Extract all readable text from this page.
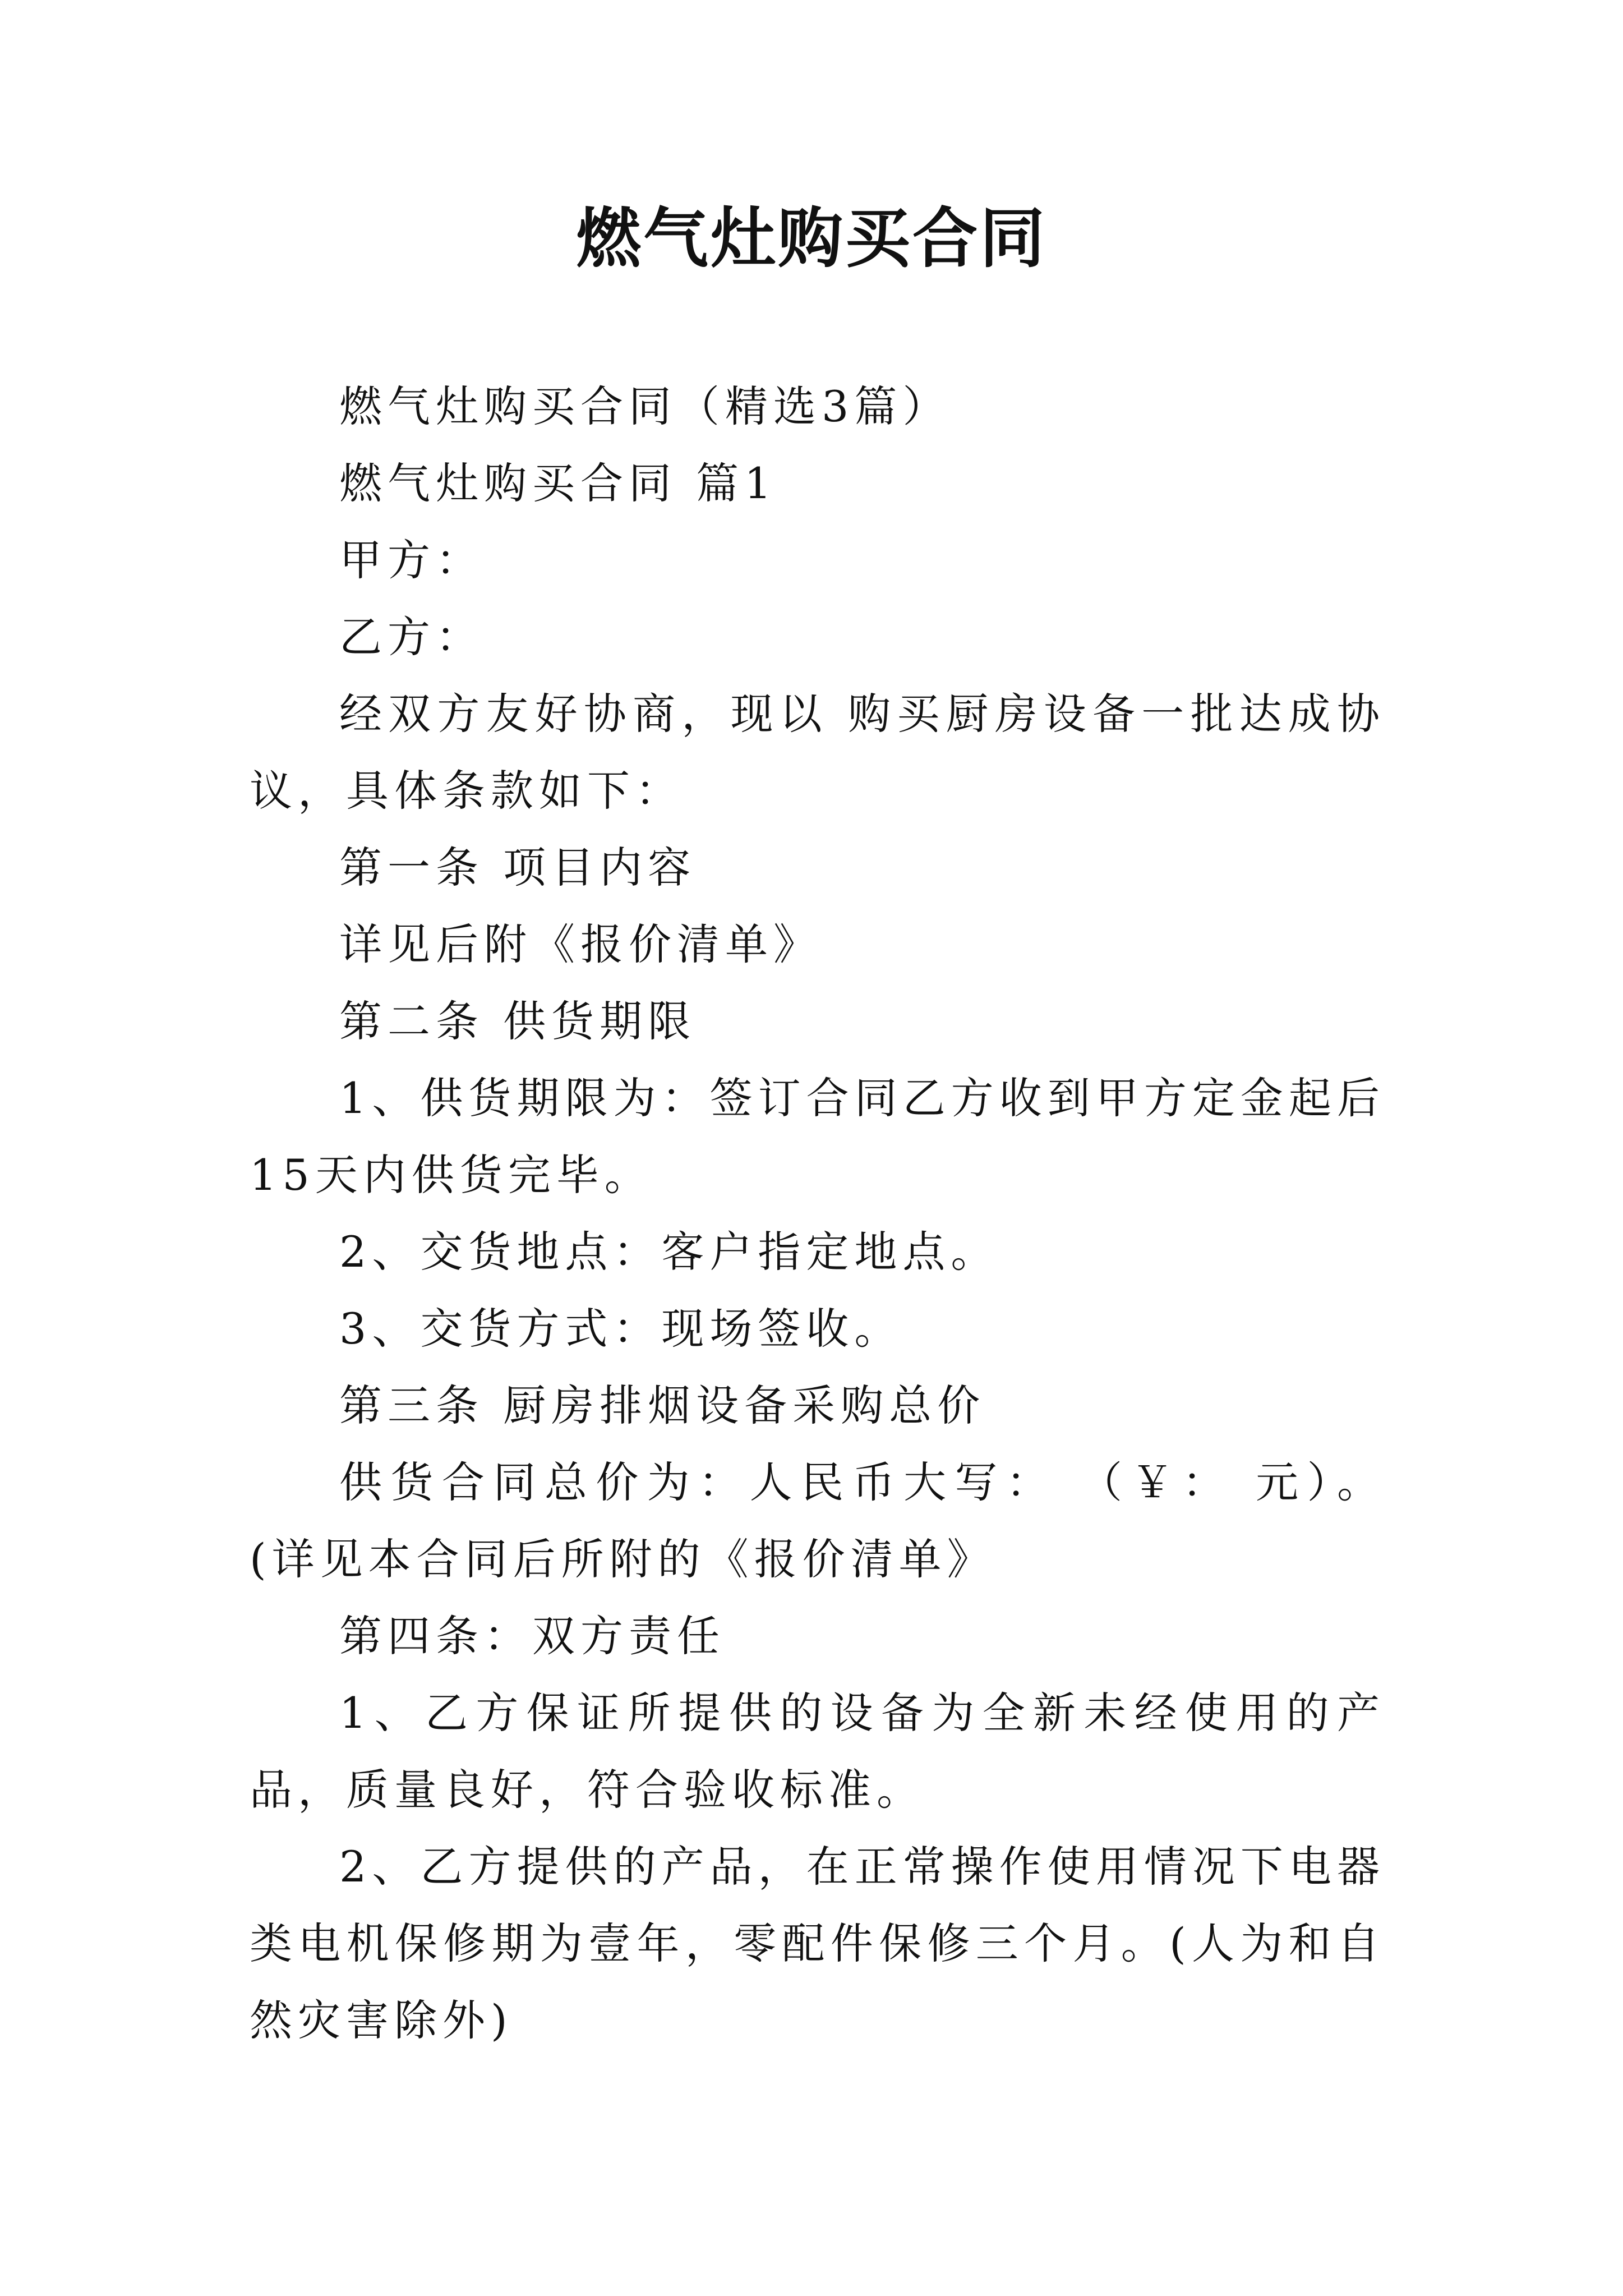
燃气灶购买合同

燃气灶购买合同（精选3篇）

燃气灶购买合同 篇1

甲方：

乙方：

经双方友好协商，现以 购买厨房设备一批达成协议，具体条款如下：

第一条 项目内容

详见后附《报价清单》

第二条 供货期限

1、供货期限为：签订合同乙方收到甲方定金起后15天内供货完毕。

2、交货地点：客户指定地点。

3、交货方式：现场签收。

第三条 厨房排烟设备采购总价

供货合同总价为：人民币大写： （￥： 元）。(详见本合同后所附的《报价清单》

第四条：双方责任

1、乙方保证所提供的设备为全新未经使用的产品，质量良好，符合验收标准。

2、乙方提供的产品，在正常操作使用情况下电器类电机保修期为壹年，零配件保修三个月。(人为和自然灾害除外)
